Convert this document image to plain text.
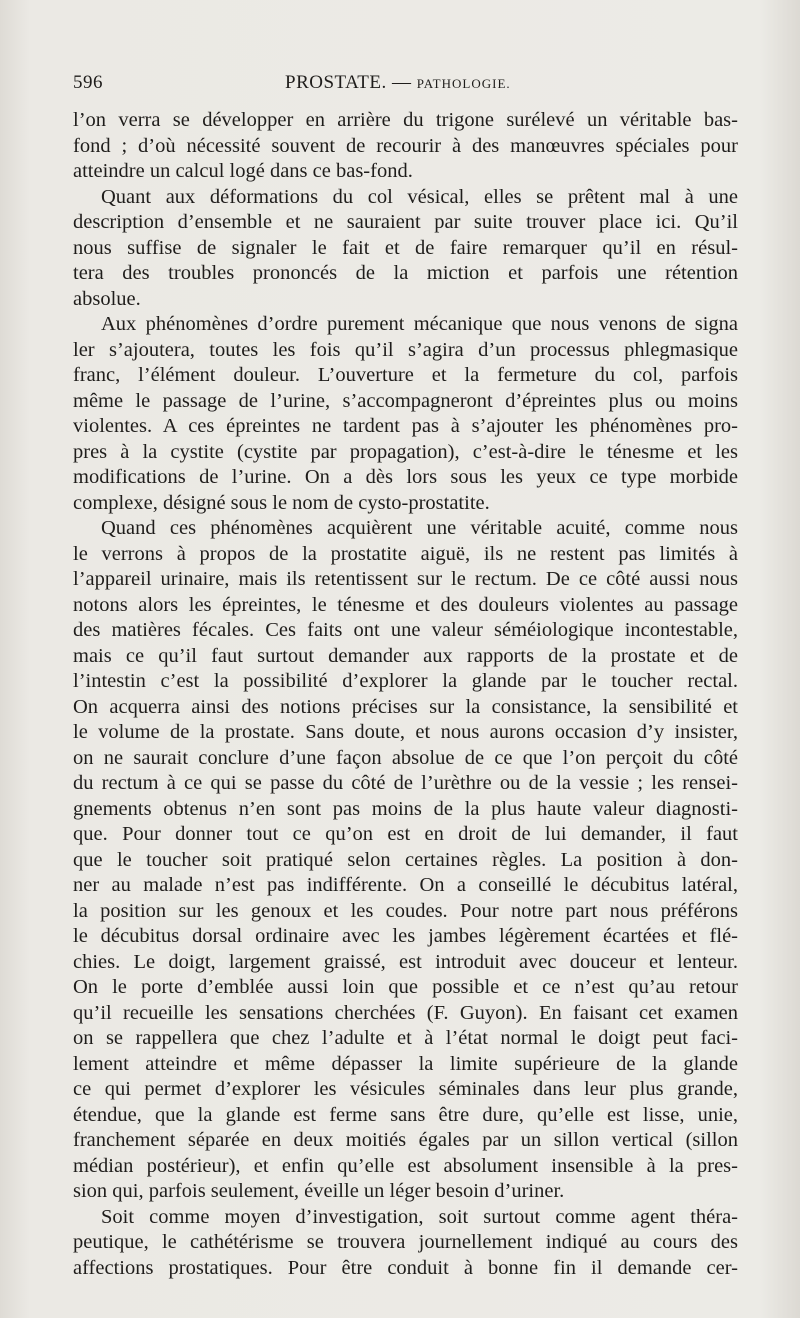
596	PROSTATE. — PATHOLOGIE.
l’on verra se développer en arrière du trigone surélevé un véritable bas-
fond ; d’où nécessité souvent de recourir à des manœuvres spéciales pour
atteindre un calcul logé dans ce bas-fond.
Quant aux déformations du col vésical, elles se prêtent mal à une
description d’ensemble et ne sauraient par suite trouver place ici. Qu’il
nous suffise de signaler le fait et de faire remarquer qu’il en résul-
tera des troubles prononcés de la miction et parfois une rétention
absolue.
Aux phénomènes d’ordre purement mécanique que nous venons de signa
ler s’ajoutera, toutes les fois qu’il s’agira d’un processus phlegmasique
franc, l’élément douleur. L’ouverture et la fermeture du col, parfois
même le passage de l’urine, s’accompagneront d’épreintes plus ou moins
violentes. A ces épreintes ne tardent pas à s’ajouter les phénomènes pro-
pres à la cystite (cystite par propagation), c’est-à-dire le ténesme et les
modifications de l’urine. On a dès lors sous les yeux ce type morbide
complexe, désigné sous le nom de cysto-prostatite.
Quand ces phénomènes acquièrent une véritable acuité, comme nous
le verrons à propos de la prostatite aiguë, ils ne restent pas limités à
l’appareil urinaire, mais ils retentissent sur le rectum. De ce côté aussi nous
notons alors les épreintes, le ténesme et des douleurs violentes au passage
des matières fécales. Ces faits ont une valeur séméiologique incontestable,
mais ce qu’il faut surtout demander aux rapports de la prostate et de
l’intestin c’est la possibilité d’explorer la glande par le toucher rectal.
On acquerra ainsi des notions précises sur la consistance, la sensibilité et
le volume de la prostate. Sans doute, et nous aurons occasion d’y insister,
on ne saurait conclure d’une façon absolue de ce que l’on perçoit du côté
du rectum à ce qui se passe du côté de l’urèthre ou de la vessie ; les rensei-
gnements obtenus n’en sont pas moins de la plus haute valeur diagnosti-
que. Pour donner tout ce qu’on est en droit de lui demander, il faut
que le toucher soit pratiqué selon certaines règles. La position à don-
ner au malade n’est pas indifférente. On a conseillé le décubitus latéral,
la position sur les genoux et les coudes. Pour notre part nous préférons
le décubitus dorsal ordinaire avec les jambes légèrement écartées et flé-
chies. Le doigt, largement graissé, est introduit avec douceur et lenteur.
On le porte d’emblée aussi loin que possible et ce n’est qu’au retour
qu’il recueille les sensations cherchées (F. Guyon). En faisant cet examen
on se rappellera que chez l’adulte et à l’état normal le doigt peut faci-
lement atteindre et même dépasser la limite supérieure de la glande
ce qui permet d’explorer les vésicules séminales dans leur plus grande,
étendue, que la glande est ferme sans être dure, qu’elle est lisse, unie,
franchement séparée en deux moitiés égales par un sillon vertical (sillon
médian postérieur), et enfin qu’elle est absolument insensible à la pres-
sion qui, parfois seulement, éveille un léger besoin d’uriner.
Soit comme moyen d’investigation, soit surtout comme agent théra-
peutique, le cathétérisme se trouvera journellement indiqué au cours des
affections prostatiques. Pour être conduit à bonne fin il demande cer-
